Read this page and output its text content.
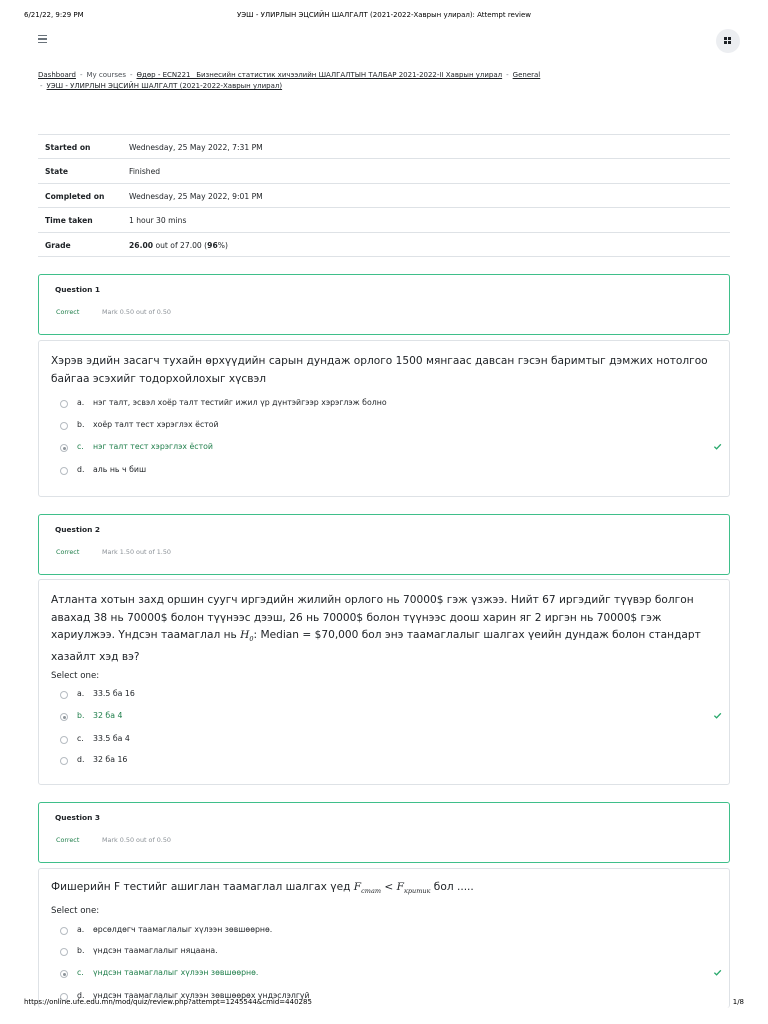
6/21/22, 9:29 PM	УЭШ - УЛИРЛЫН ЭЦСИЙН ШАЛГАЛТ (2021-2022-Хаврын улирал): Attempt review
Dashboard - My courses - Өдөр - ECN221_ Бизнесийн статистик хичээлийн ШАЛГАЛТЫН ТАЛБАР 2021-2022-II Хаврын улирал - General
- УЭШ - УЛИРЛЫН ЭЦСИЙН ШАЛГАЛТ (2021-2022-Хаврын улирал)
Started on	Wednesday, 25 May 2022, 7:31 PM
State	Finished
Completed on	Wednesday, 25 May 2022, 9:01 PM
Time taken	1 hour 30 mins
Grade	26.00 out of 27.00 (96%)
Question 1
Correct	Mark 0.50 out of 0.50
Хэрэв эдийн засагч тухайн өрхүүдийн сарын дундаж орлого 1500 мянгаас давсан гэсэн баримтыг дэмжих нотолгоо байгаа эсэхийг тодорхойлохыг хүсвэл
a. нэг талт, эсвэл хоёр талт тестийг ижил үр дүнтэйгээр хэрэглэж болно
b. хоёр талт тест хэрэглэх ёстой
c. нэг талт тест хэрэглэх ёстой
d. аль нь ч биш
Question 2
Correct	Mark 1.50 out of 1.50
Атланта хотын захд оршин суугч иргэдийн жилийн орлого нь 70000$ гэж үзжээ. Нийт 67 иргэдийг түүвэр болгон авахад 38 нь 70000$ болон түүнээс дээш, 26 нь 70000$ болон түүнээс доош харин яг 2 иргэн нь 70000$ гэж хариулжээ. Үндсэн таамаглал нь $H_0$: Median = $70,000 бол энэ таамаглалыг шалгах үеийн дундаж болон стандарт хазайлт хэд вэ?
Select one:
a. 33.5 ба 16
b. 32 ба 4
c. 33.5 ба 4
d. 32 ба 16
Question 3
Correct	Mark 0.50 out of 0.50
Фишерийн F тестийг ашиглан таамаглал шалгах үед $F_{стат} < F_{критик}$ бол .....
Select one:
a. өрсөлдөгч таамаглалыг хүлээн зөвшөөрнө.
b. үндсэн таамаглалыг няцаана.
c. үндсэн таамаглалыг хүлээн зөвшөөрнө.
d. үндсэн таамаглалыг хүлээн зөвшөөрөх үндэслэлгүй
https://online.ufe.edu.mn/mod/quiz/review.php?attempt=1245544&cmid=440285	1/8
